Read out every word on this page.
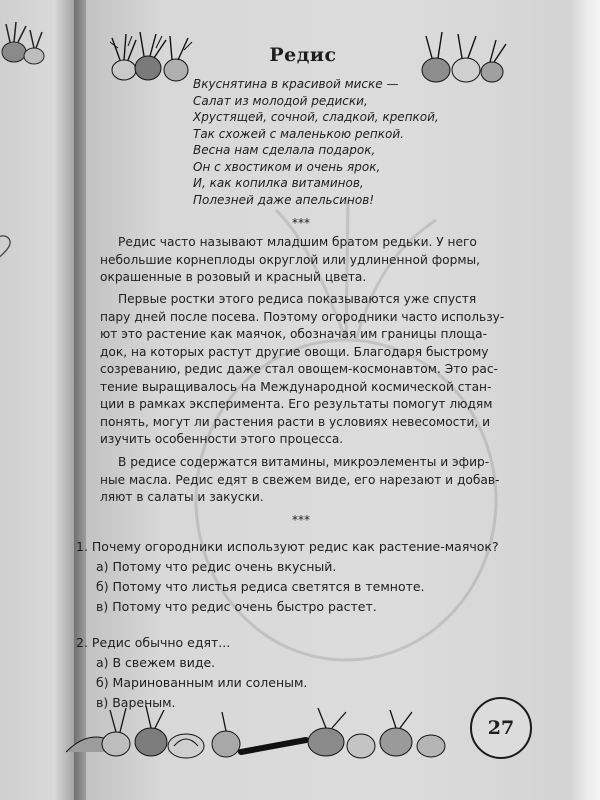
Редис
Вкуснятина в красивой миске —
Салат из молодой редиски,
Хрустящей, сочной, сладкой, крепкой,
Так схожей с маленькою репкой.
Весна нам сделала подарок,
Он с хвостиком и очень ярок,
И, как копилка витаминов,
Полезней даже апельсинов!
***
Редис часто называют младшим братом редьки. У него
небольшие корнеплоды округлой или удлиненной формы,
окрашенные в розовый и красный цвета.
Первые ростки этого редиса показываются уже спустя
пару дней после посева. Поэтому огородники часто использу-
ют это растение как маячок, обозначая им границы площа-
док, на которых растут другие овощи. Благодаря быстрому
созреванию, редис даже стал овощем-космонавтом. Это рас-
тение выращивалось на Международной космической стан-
ции в рамках эксперимента. Его результаты помогут людям
понять, могут ли растения расти в условиях невесомости, и
изучить особенности этого процесса.
В редисе содержатся витамины, микроэлементы и эфир-
ные масла. Редис едят в свежем виде, его нарезают и добав-
ляют в салаты и закуски.
***
1. Почему огородники используют редис как растение-маячок?
а) Потому что редис очень вкусный.
б) Потому что листья редиса светятся в темноте.
в) Потому что редис очень быстро растет.
2. Редис обычно едят...
а) В свежем виде.
б) Маринованным или соленым.
в) Вареным.
27
